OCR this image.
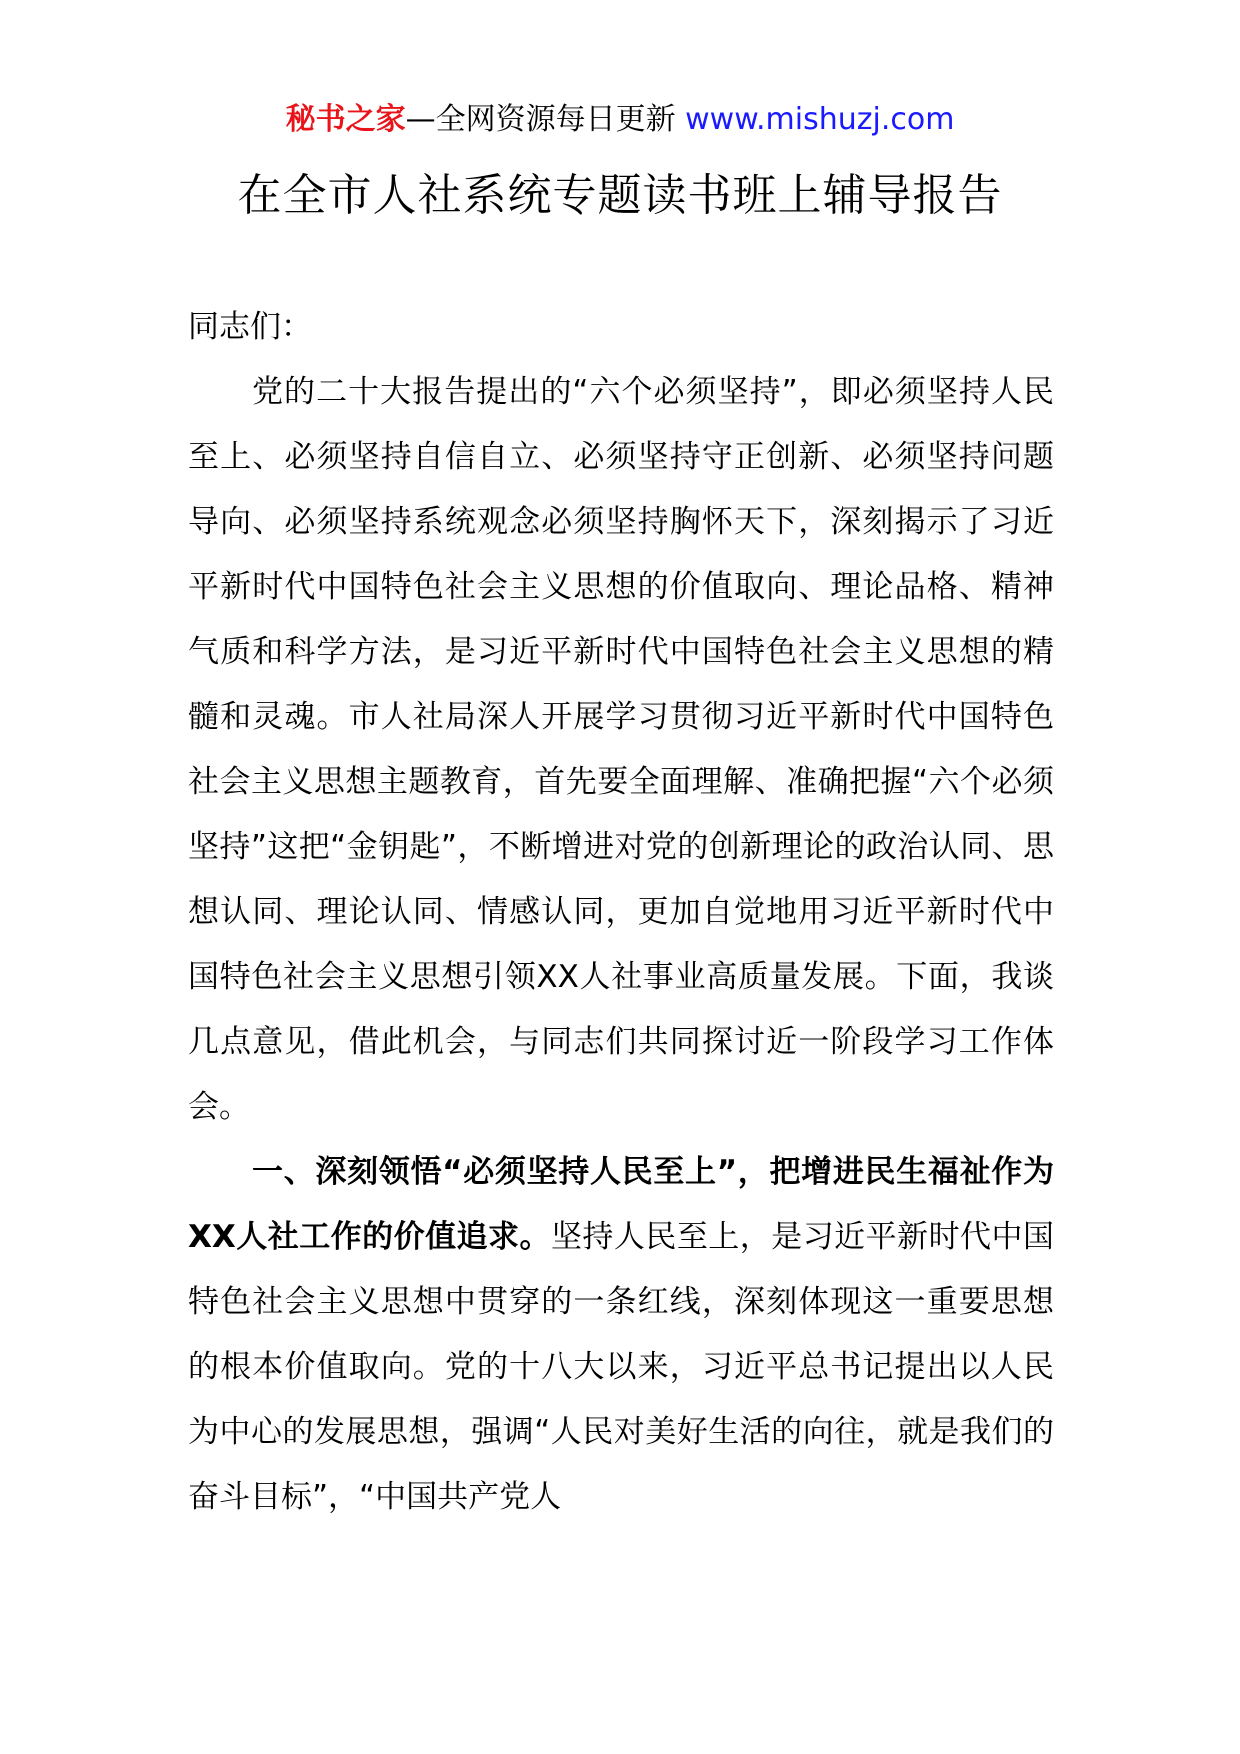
秘书之家—全网资源每日更新 www.mishuzj.com
在全市人社系统专题读书班上辅导报告

同志们：

党的二十大报告提出的“六个必须坚持”，即必须坚持人民至上、必须坚持自信自立、必须坚持守正创新、必须坚持问题导向、必须坚持系统观念必须坚持胸怀天下，深刻揭示了习近平新时代中国特色社会主义思想的价值取向、理论品格、精神气质和科学方法，是习近平新时代中国特色社会主义思想的精髓和灵魂。市人社局深人开展学习贯彻习近平新时代中国特色社会主义思想主题教育，首先要全面理解、准确把握“六个必须坚持”这把“金钥匙”，不断增进对党的创新理论的政治认同、思想认同、理论认同、情感认同，更加自觉地用习近平新时代中国特色社会主义思想引领XX人社事业高质量发展。下面，我谈几点意见，借此机会，与同志们共同探讨近一阶段学习工作体会。

一、深刻领悟“必须坚持人民至上”，把增进民生福祉作为XX人社工作的价值追求。坚持人民至上，是习近平新时代中国特色社会主义思想中贯穿的一条红线，深刻体现这一重要思想的根本价值取向。党的十八大以来，习近平总书记提出以人民为中心的发展思想，强调“人民对美好生活的向往，就是我们的奋斗目标”，“中国共产党人
